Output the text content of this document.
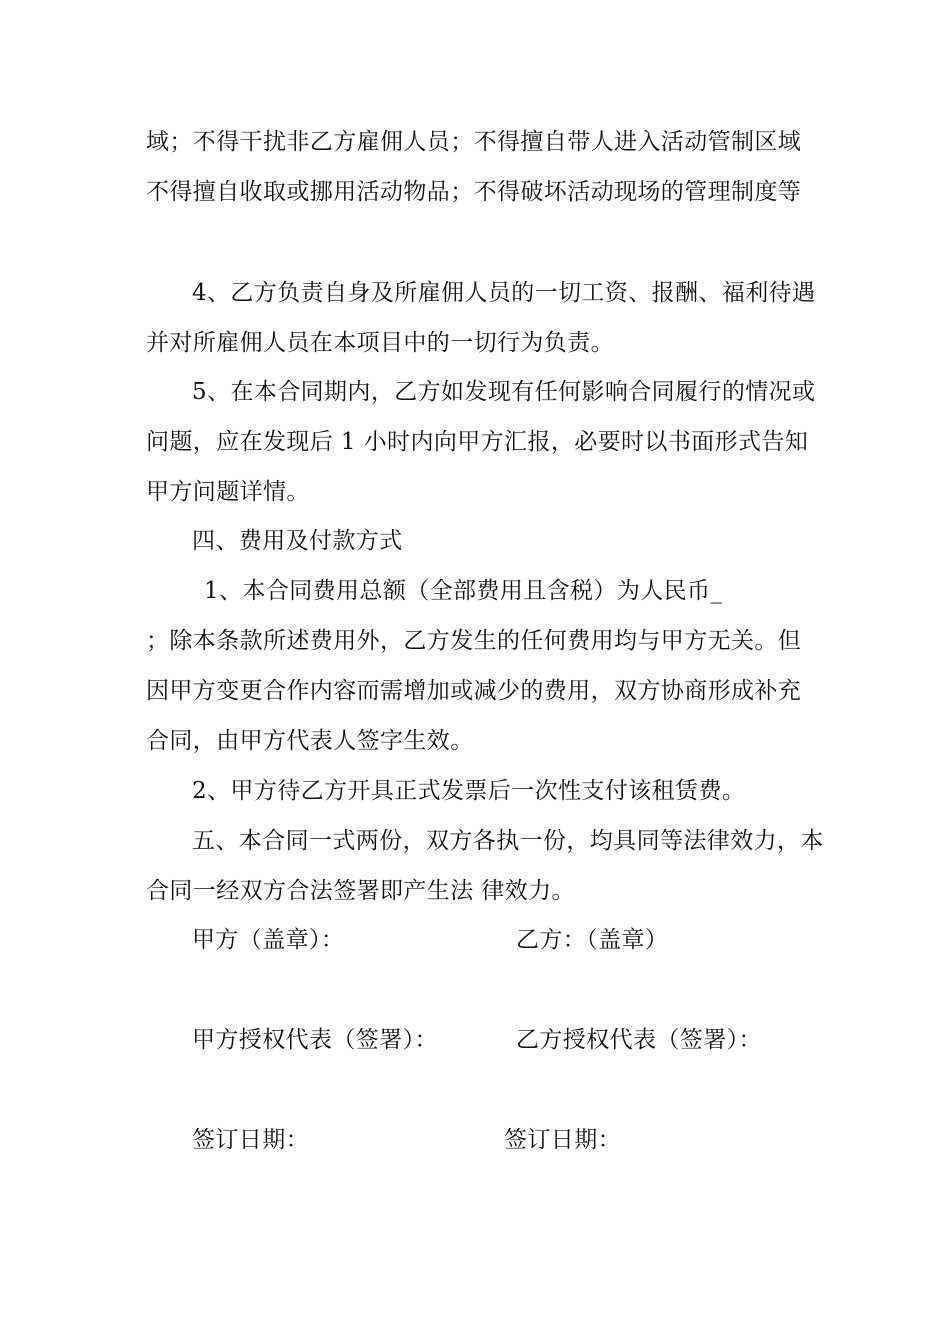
域；不得干扰非乙方雇佣人员；不得擅自带人进入活动管制区域
不得擅自收取或挪用活动物品；不得破坏活动现场的管理制度等
4、乙方负责自身及所雇佣人员的一切工资、报酬、福利待遇
并对所雇佣人员在本项目中的一切行为负责。
5、在本合同期内，乙方如发现有任何影响合同履行的情况或
问题，应在发现后 1 小时内向甲方汇报，必要时以书面形式告知
甲方问题详情。
四、费用及付款方式
1、本合同费用总额（全部费用且含税）为人民币_
；除本条款所述费用外，乙方发生的任何费用均与甲方无关。但
因甲方变更合作内容而需增加或减少的费用，双方协商形成补充
合同，由甲方代表人签字生效。
2、甲方待乙方开具正式发票后一次性支付该租赁费。
五、本合同一式两份，双方各执一份，均具同等法律效力，本
合同一经双方合法签署即产生法 律效力。
甲方（盖章）：	乙方：（盖章）
甲方授权代表（签署）：	乙方授权代表（签署）：
签订日期：	签订日期：
